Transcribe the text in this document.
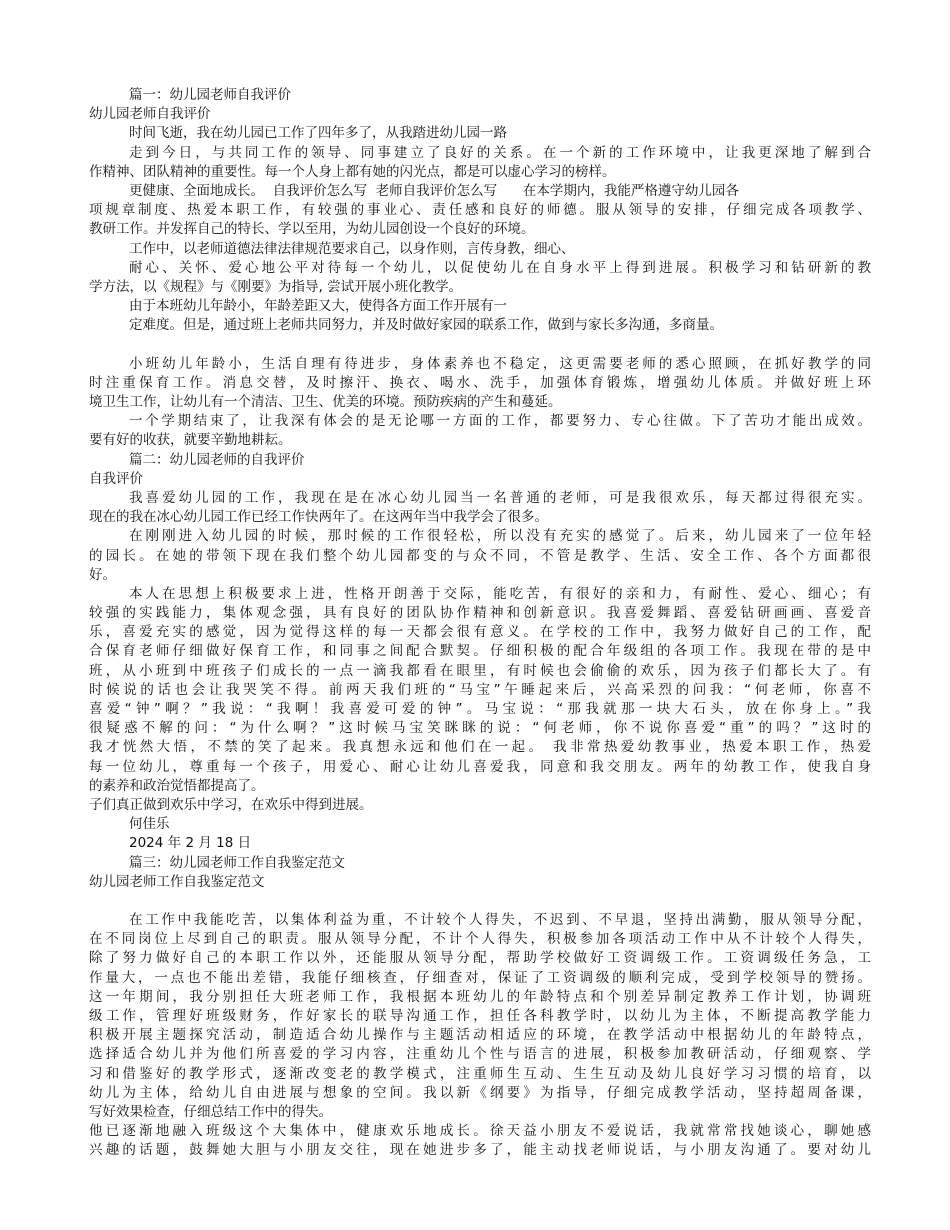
篇一：幼儿园老师自我评价
幼儿园老师自我评价
时间飞逝，我在幼儿园已工作了四年多了，从我踏进幼儿园一路
走到今日，与共同工作的领导、同事建立了良好的关系。在一个新的工作环境中，让我更深地了解到合
作精神、团队精神的重要性。每一个人身上都有她的闪光点，都是可以虚心学习的榜样。
更健康、全面地成长。  自我评价怎么写  老师自我评价怎么写      在本学期内，我能严格遵守幼儿园各
项规章制度、热爱本职工作，有较强的事业心、责任感和良好的师德。服从领导的安排，仔细完成各项教学、
教研工作。并发挥自己的特长、学以至用，为幼儿园创设一个良好的环境。
工作中，以老师道德法律法律规范要求自己，以身作则，言传身教，细心、
耐心、关怀、爱心地公平对待每一个幼儿，以促使幼儿在自身水平上得到进展。积极学习和钻研新的教
学方法，以《规程》与《刚要》为指导, 尝试开展小班化教学。
由于本班幼儿年龄小，年龄差距又大，使得各方面工作开展有一
定难度。但是，通过班上老师共同努力，并及时做好家园的联系工作，做到与家长多沟通，多商量。
小班幼儿年龄小，生活自理有待进步，身体素养也不稳定，这更需要老师的悉心照顾，在抓好教学的同
时注重保育工作。消息交替，及时擦汗、换衣、喝水、洗手，加强体育锻炼，增强幼儿体质。并做好班上环
境卫生工作，让幼儿有一个清洁、卫生、优美的环境。预防疾病的产生和蔓延。
一个学期结束了，让我深有体会的是无论哪一方面的工作，都要努力、专心往做。下了苦功才能出成效。
要有好的收获，就要辛勤地耕耘。
篇二：幼儿园老师的自我评价
自我评价
我喜爱幼儿园的工作，我现在是在冰心幼儿园当一名普通的老师，可是我很欢乐，每天都过得很充实。
现在的我在冰心幼儿园工作已经工作快两年了。在这两年当中我学会了很多。
在刚刚进入幼儿园的时候，那时候的工作很轻松，所以没有充实的感觉了。后来，幼儿园来了一位年轻
的园长。在她的带领下现在我们整个幼儿园都变的与众不同，不管是教学、生活、安全工作、各个方面都很
好。
本人在思想上积极要求上进，性格开朗善于交际，能吃苦，有很好的亲和力，有耐性、爱心、细心；有
较强的实践能力，集体观念强，具有良好的团队协作精神和创新意识。我喜爱舞蹈、喜爱钻研画画、喜爱音
乐，喜爱充实的感觉，因为觉得这样的每一天都会很有意义。在学校的工作中，我努力做好自己的工作，配
合保育老师仔细做好保育工作，和同事之间配合默契。仔细积极的配合年级组的各项工作。我现在带的是中
班，从小班到中班孩子们成长的一点一滴我都看在眼里，有时候也会偷偷的欢乐，因为孩子们都长大了。有
时候说的话也会让我哭笑不得。前两天我们班的“马宝”午睡起来后，兴高采烈的问我：“何老师，你喜不
喜爱“钟”啊？”我说：“我啊！我喜爱可爱的钟”。马宝说：“那我就那一块大石头，放在你身上。”我
很疑惑不解的问：“为什么啊？”这时候马宝笑眯眯的说：“何老师，你不说你喜爱“重”的吗？”这时的
我才恍然大悟，不禁的笑了起来。我真想永远和他们在一起。 我非常热爱幼教事业，热爱本职工作，热爱
每一位幼儿，尊重每一个孩子，用爱心、耐心让幼儿喜爱我，同意和我交朋友。两年的幼教工作，使我自身
的素养和政治觉悟都提高了。
子们真正做到欢乐中学习，在欢乐中得到进展。
何佳乐
2024 年 2 月 18 日
篇三：幼儿园老师工作自我鉴定范文
幼儿园老师工作自我鉴定范文
在工作中我能吃苦，以集体利益为重，不计较个人得失，不迟到、不早退，坚持出满勤，服从领导分配，
在不同岗位上尽到自己的职责。服从领导分配，不计个人得失，积极参加各项活动工作中从不计较个人得失，
除了努力做好自己的本职工作以外，还能服从领导分配，帮助学校做好工资调级工作。工资调级任务急，工
作量大，一点也不能出差错，我能仔细核查，仔细查对，保证了工资调级的顺利完成，受到学校领导的赞扬。
这一年期间，我分别担任大班老师工作，我根据本班幼儿的年龄特点和个别差异制定教养工作计划，协调班
级工作，管理好班级财务，作好家长的联导沟通工作，担任各科教学时，以幼儿为主体，不断提高教学能力
积极开展主题探究活动，制造适合幼儿操作与主题活动相适应的环境，在教学活动中根据幼儿的年龄特点，
选择适合幼儿并为他们所喜爱的学习内容，注重幼儿个性与语言的进展，积极参加教研活动，仔细观察、学
习和借鉴好的教学形式，逐渐改变老的教学模式，注重师生互动、生生互动及幼儿良好学习习惯的培育，以
幼儿为主体，给幼儿自由进展与想象的空间。我以新《纲要》为指导，仔细完成教学活动，坚持超周备课，
写好效果检查，仔细总结工作中的得失。
他已逐渐地融入班级这个大集体中，健康欢乐地成长。徐天益小朋友不爱说话，我就常常找她谈心，聊她感
兴趣的话题，鼓舞她大胆与小朋友交往，现在她进步多了，能主动找老师说话，与小朋友沟通了。要对幼儿
